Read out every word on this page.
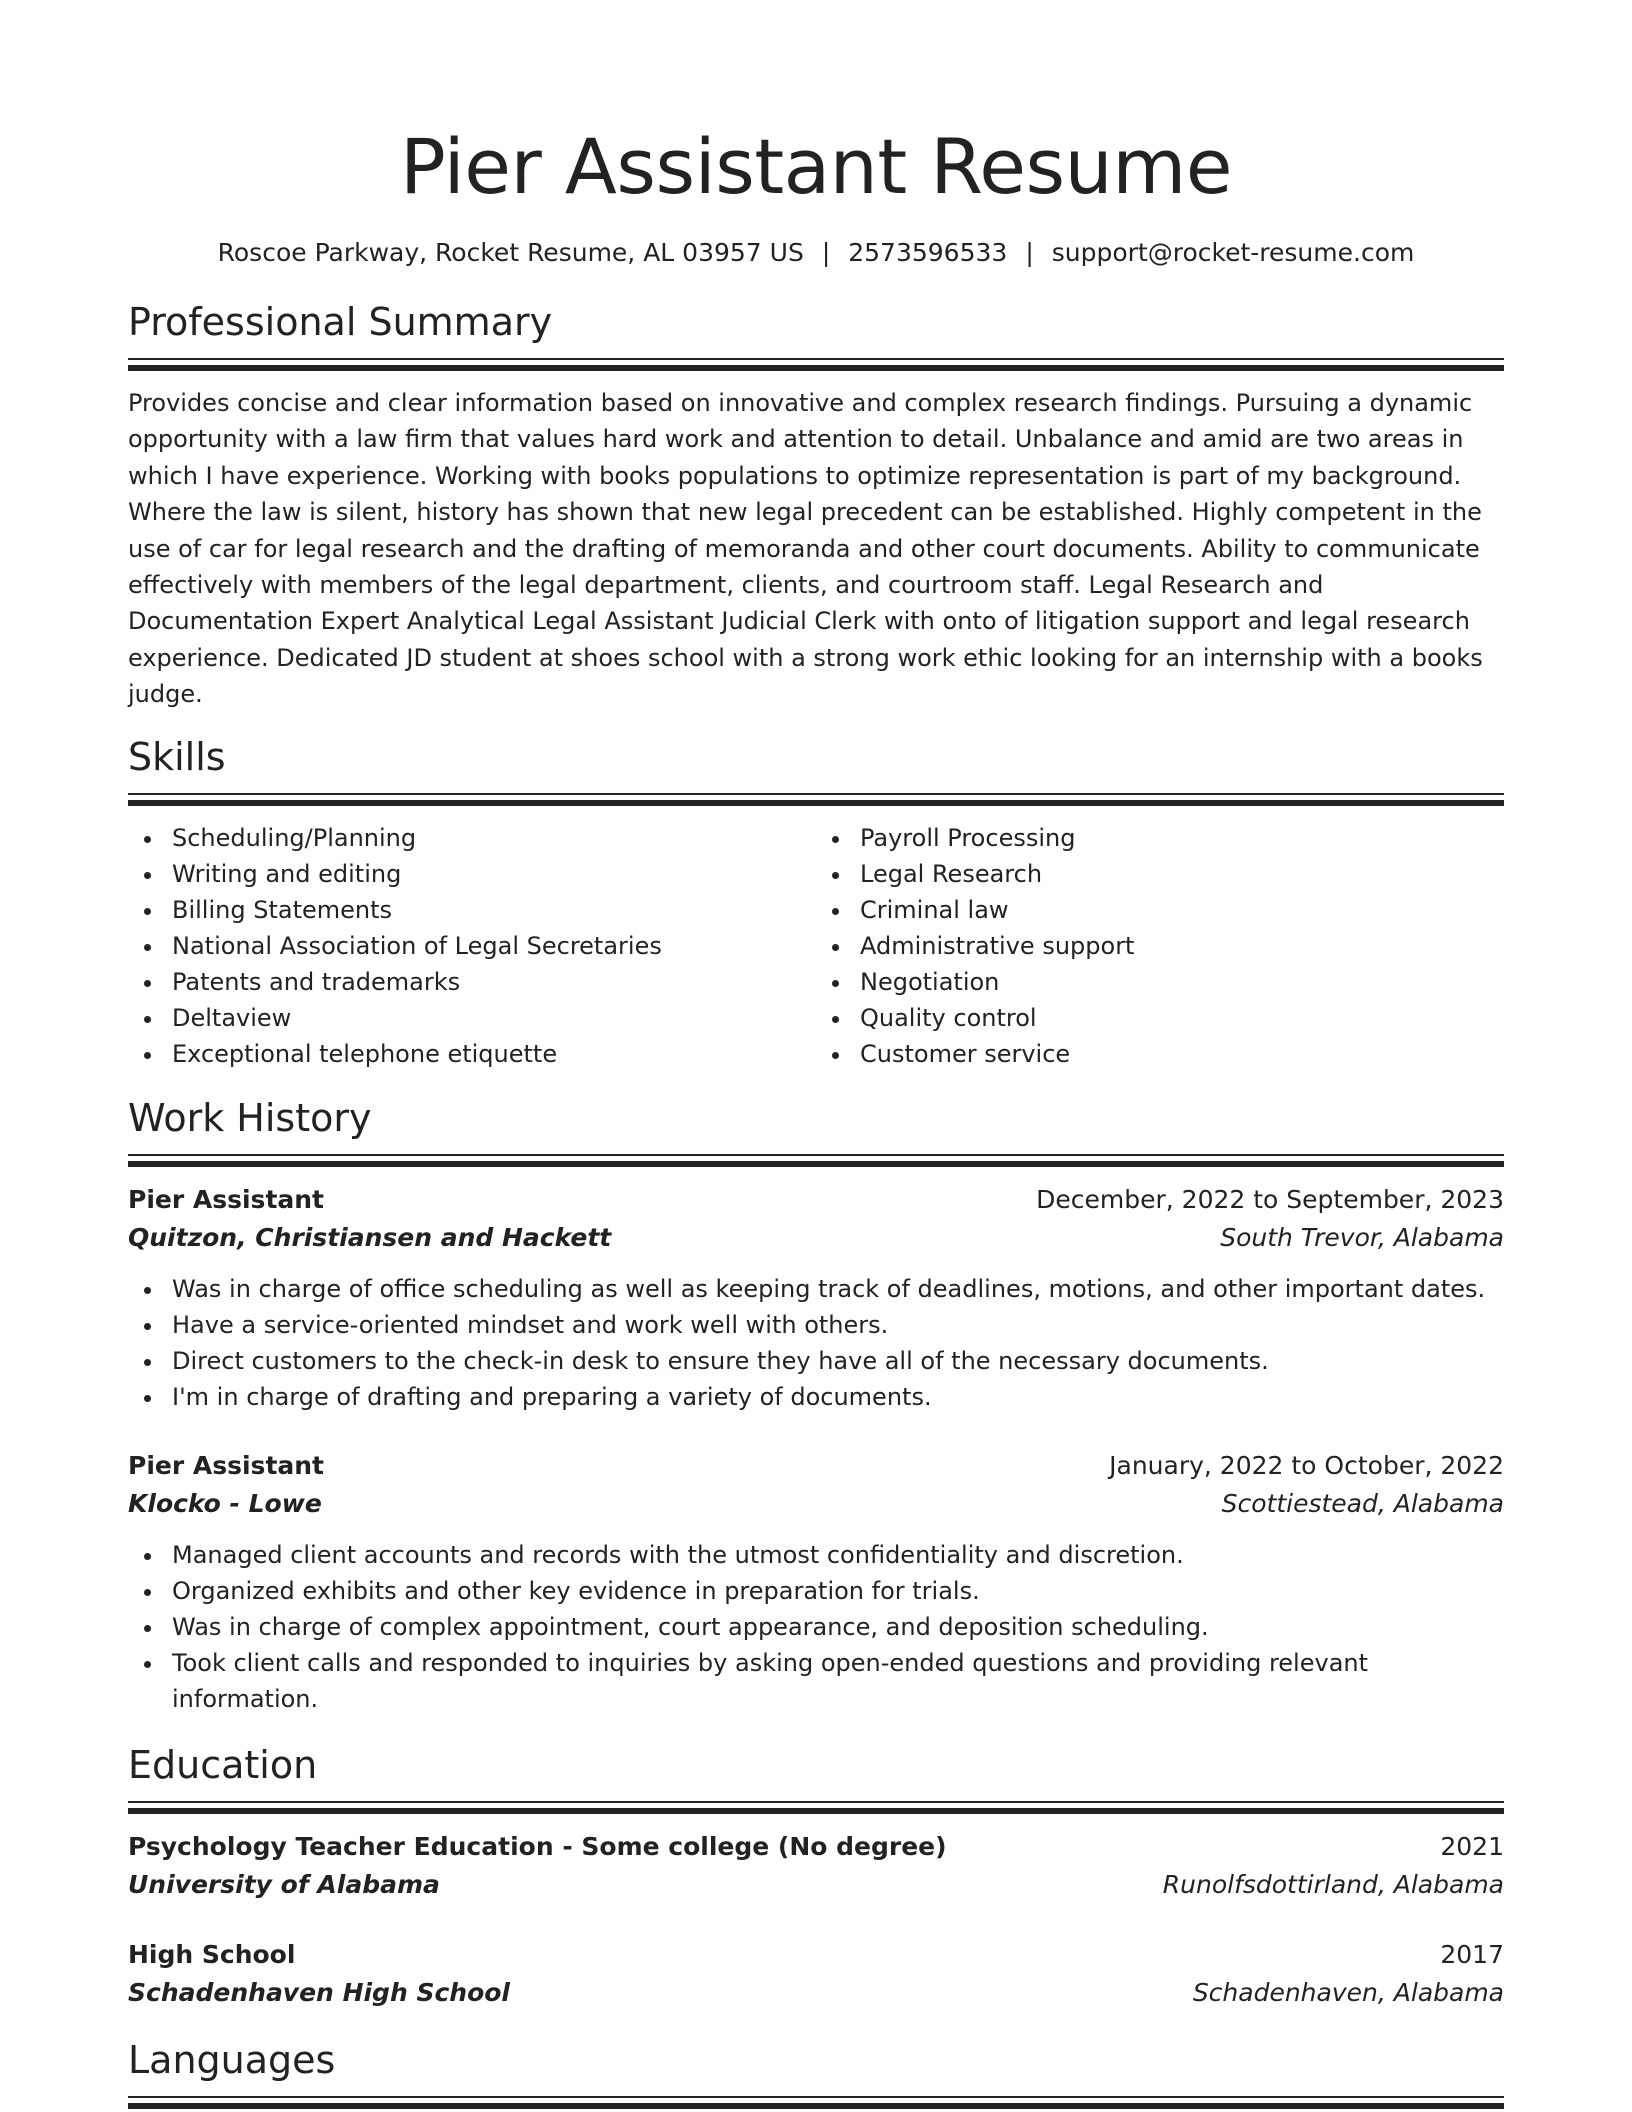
Pier Assistant Resume
Roscoe Parkway, Rocket Resume, AL 03957 US | 2573596533 | support@rocket-resume.com
Professional Summary

Provides concise and clear information based on innovative and complex research findings. Pursuing a dynamic opportunity with a law firm that values hard work and attention to detail. Unbalance and amid are two areas in which I have experience. Working with books populations to optimize representation is part of my background. Where the law is silent, history has shown that new legal precedent can be established. Highly competent in the use of car for legal research and the drafting of memoranda and other court documents. Ability to communicate effectively with members of the legal department, clients, and courtroom staff. Legal Research and Documentation Expert Analytical Legal Assistant Judicial Clerk with onto of litigation support and legal research experience. Dedicated JD student at shoes school with a strong work ethic looking for an internship with a books judge.

Skills
Scheduling/Planning
Writing and editing
Billing Statements
National Association of Legal Secretaries
Patents and trademarks
Deltaview
Exceptional telephone etiquette
Payroll Processing
Legal Research
Criminal law
Administrative support
Negotiation
Quality control
Customer service
Work History
Pier Assistant	December, 2022 to September, 2023
Quitzon, Christiansen and Hackett	South Trevor, Alabama
Was in charge of office scheduling as well as keeping track of deadlines, motions, and other important dates.
Have a service-oriented mindset and work well with others.
Direct customers to the check-in desk to ensure they have all of the necessary documents.
I'm in charge of drafting and preparing a variety of documents.
Pier Assistant	January, 2022 to October, 2022
Klocko - Lowe	Scottiestead, Alabama
Managed client accounts and records with the utmost confidentiality and discretion.
Organized exhibits and other key evidence in preparation for trials.
Was in charge of complex appointment, court appearance, and deposition scheduling.
Took client calls and responded to inquiries by asking open-ended questions and providing relevant information.
Education
Psychology Teacher Education - Some college (No degree)	2021
University of Alabama	Runolfsdottirland, Alabama
High School	2017
Schadenhaven High School	Schadenhaven, Alabama
Languages
